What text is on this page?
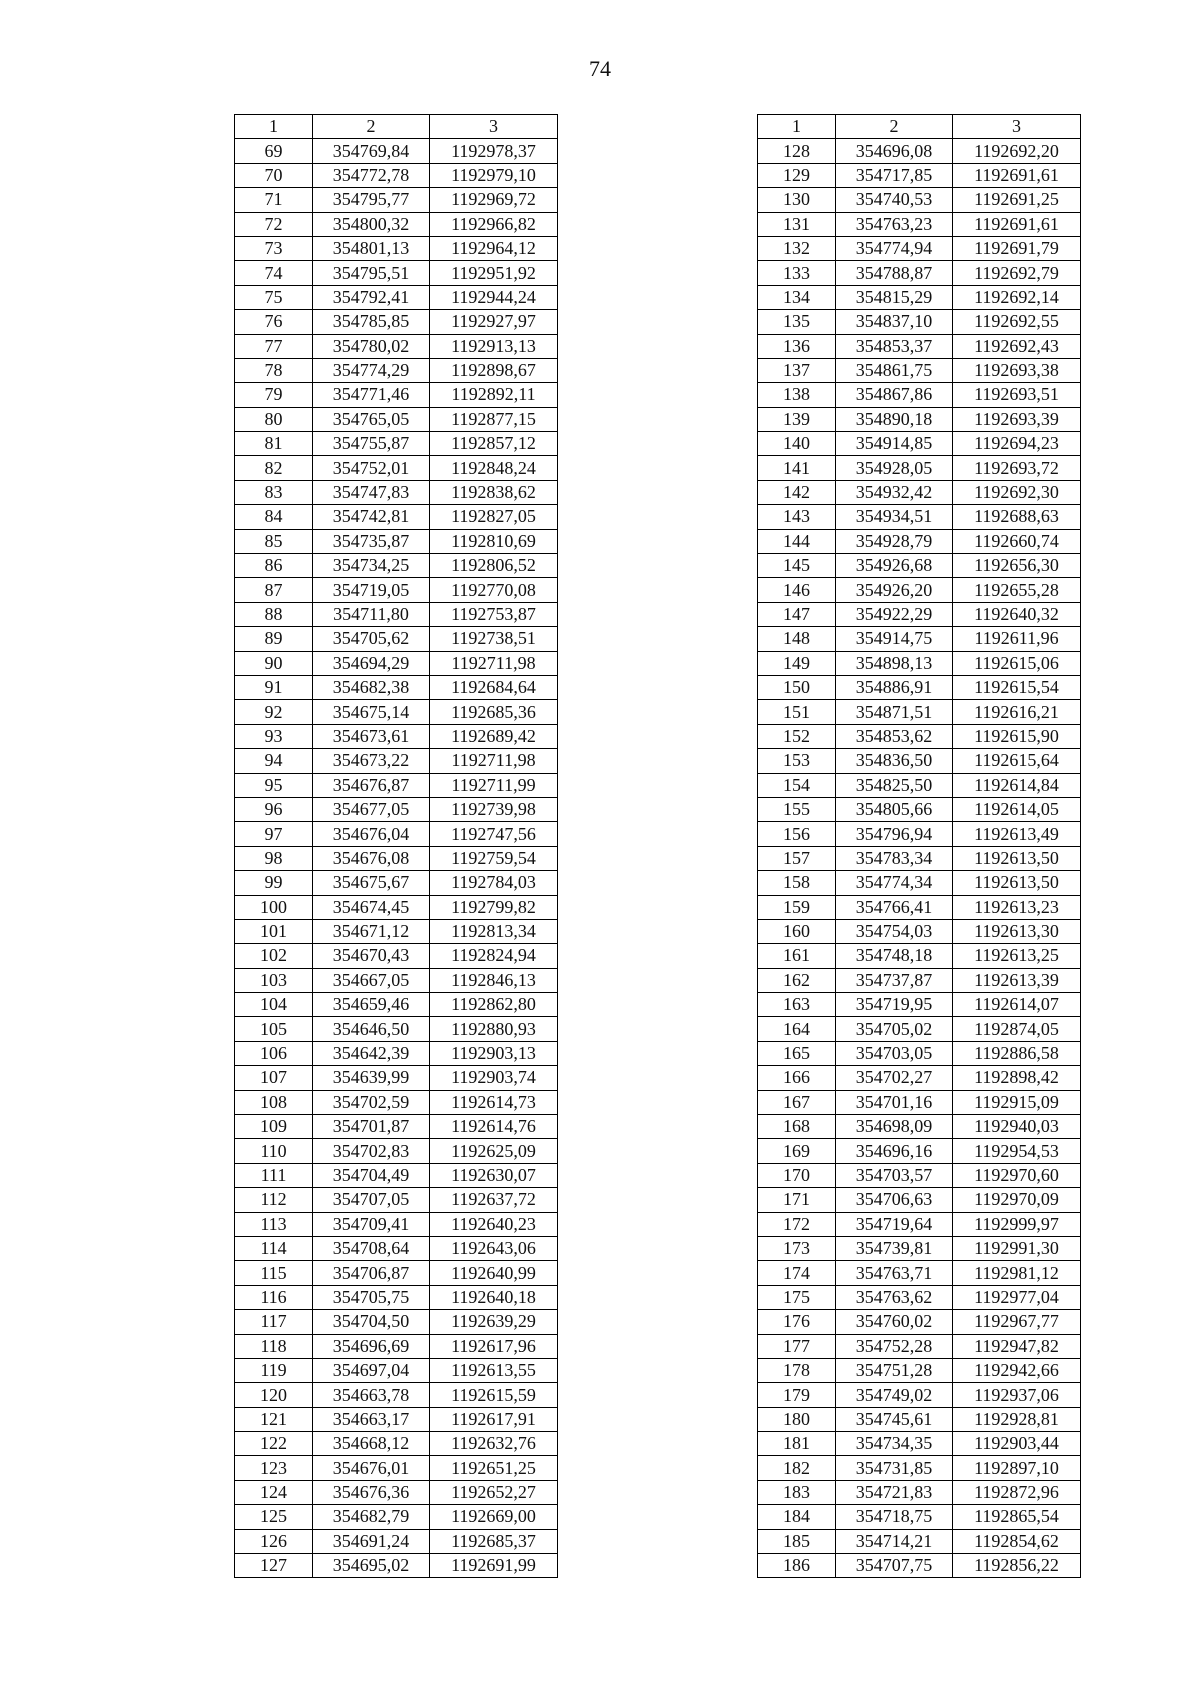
74
1	2	3
69	354769,84	1192978,37
70	354772,78	1192979,10
71	354795,77	1192969,72
72	354800,32	1192966,82
73	354801,13	1192964,12
74	354795,51	1192951,92
75	354792,41	1192944,24
76	354785,85	1192927,97
77	354780,02	1192913,13
78	354774,29	1192898,67
79	354771,46	1192892,11
80	354765,05	1192877,15
81	354755,87	1192857,12
82	354752,01	1192848,24
83	354747,83	1192838,62
84	354742,81	1192827,05
85	354735,87	1192810,69
86	354734,25	1192806,52
87	354719,05	1192770,08
88	354711,80	1192753,87
89	354705,62	1192738,51
90	354694,29	1192711,98
91	354682,38	1192684,64
92	354675,14	1192685,36
93	354673,61	1192689,42
94	354673,22	1192711,98
95	354676,87	1192711,99
96	354677,05	1192739,98
97	354676,04	1192747,56
98	354676,08	1192759,54
99	354675,67	1192784,03
100	354674,45	1192799,82
101	354671,12	1192813,34
102	354670,43	1192824,94
103	354667,05	1192846,13
104	354659,46	1192862,80
105	354646,50	1192880,93
106	354642,39	1192903,13
107	354639,99	1192903,74
108	354702,59	1192614,73
109	354701,87	1192614,76
110	354702,83	1192625,09
111	354704,49	1192630,07
112	354707,05	1192637,72
113	354709,41	1192640,23
114	354708,64	1192643,06
115	354706,87	1192640,99
116	354705,75	1192640,18
117	354704,50	1192639,29
118	354696,69	1192617,96
119	354697,04	1192613,55
120	354663,78	1192615,59
121	354663,17	1192617,91
122	354668,12	1192632,76
123	354676,01	1192651,25
124	354676,36	1192652,27
125	354682,79	1192669,00
126	354691,24	1192685,37
127	354695,02	1192691,99
1	2	3
128	354696,08	1192692,20
129	354717,85	1192691,61
130	354740,53	1192691,25
131	354763,23	1192691,61
132	354774,94	1192691,79
133	354788,87	1192692,79
134	354815,29	1192692,14
135	354837,10	1192692,55
136	354853,37	1192692,43
137	354861,75	1192693,38
138	354867,86	1192693,51
139	354890,18	1192693,39
140	354914,85	1192694,23
141	354928,05	1192693,72
142	354932,42	1192692,30
143	354934,51	1192688,63
144	354928,79	1192660,74
145	354926,68	1192656,30
146	354926,20	1192655,28
147	354922,29	1192640,32
148	354914,75	1192611,96
149	354898,13	1192615,06
150	354886,91	1192615,54
151	354871,51	1192616,21
152	354853,62	1192615,90
153	354836,50	1192615,64
154	354825,50	1192614,84
155	354805,66	1192614,05
156	354796,94	1192613,49
157	354783,34	1192613,50
158	354774,34	1192613,50
159	354766,41	1192613,23
160	354754,03	1192613,30
161	354748,18	1192613,25
162	354737,87	1192613,39
163	354719,95	1192614,07
164	354705,02	1192874,05
165	354703,05	1192886,58
166	354702,27	1192898,42
167	354701,16	1192915,09
168	354698,09	1192940,03
169	354696,16	1192954,53
170	354703,57	1192970,60
171	354706,63	1192970,09
172	354719,64	1192999,97
173	354739,81	1192991,30
174	354763,71	1192981,12
175	354763,62	1192977,04
176	354760,02	1192967,77
177	354752,28	1192947,82
178	354751,28	1192942,66
179	354749,02	1192937,06
180	354745,61	1192928,81
181	354734,35	1192903,44
182	354731,85	1192897,10
183	354721,83	1192872,96
184	354718,75	1192865,54
185	354714,21	1192854,62
186	354707,75	1192856,22
